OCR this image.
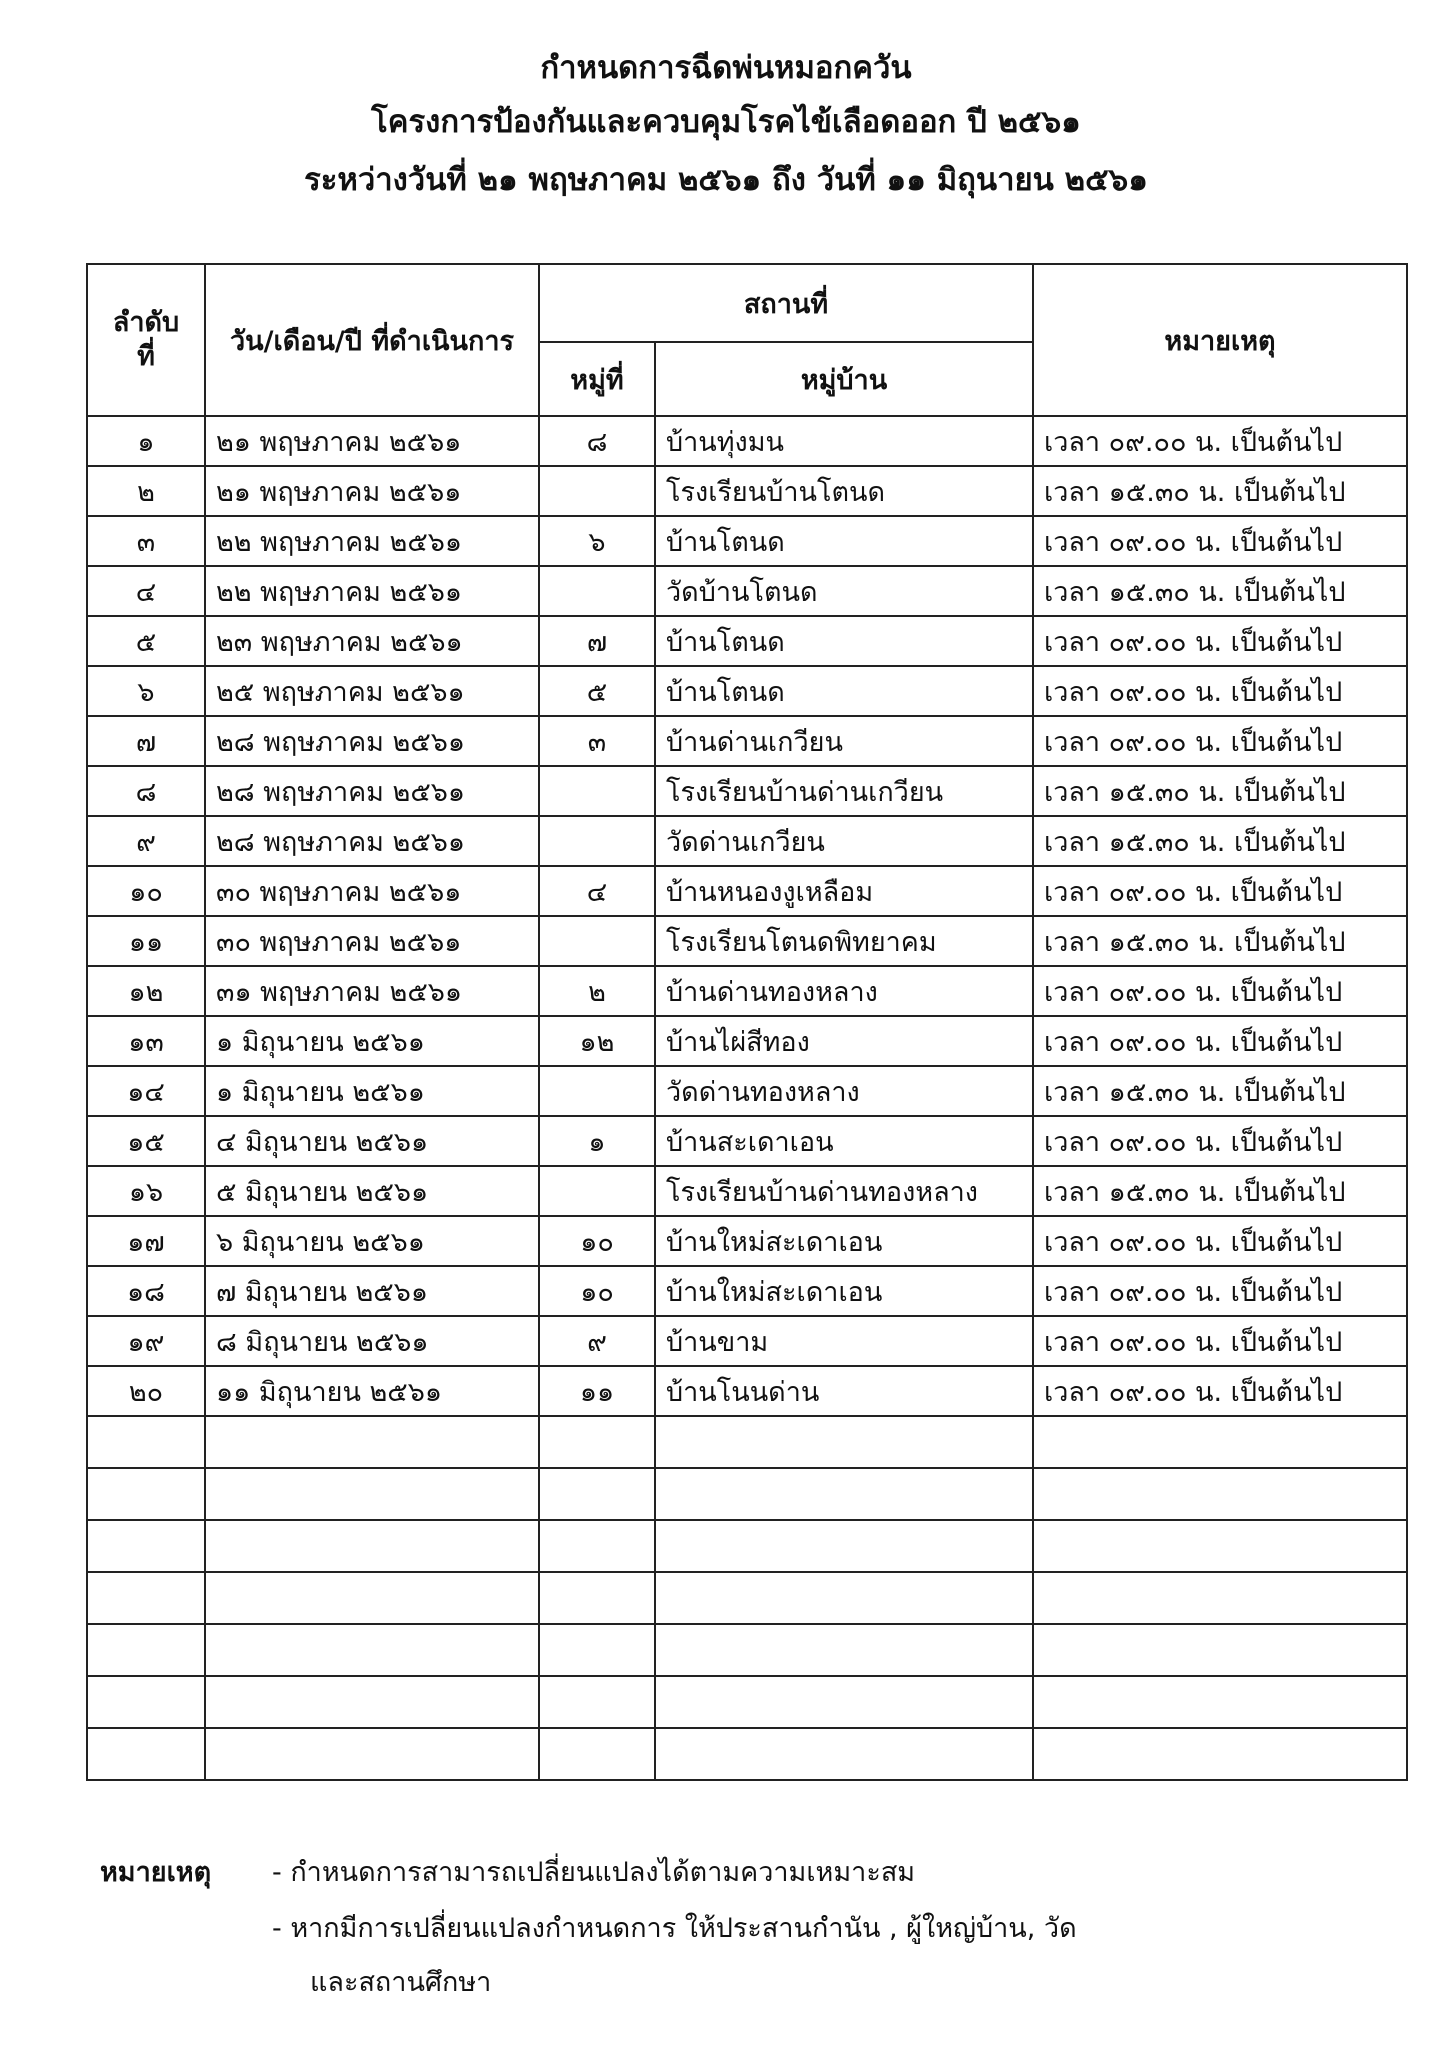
กำหนดการฉีดพ่นหมอกควัน
โครงการป้องกันและควบคุมโรคไข้เลือดออก ปี ๒๕๖๑
ระหว่างวันที่ ๒๑ พฤษภาคม ๒๕๖๑ ถึง วันที่ ๑๑ มิถุนายน ๒๕๖๑
ลำดับ ที่	วัน/เดือน/ปี ที่ดำเนินการ	สถานที่		หมายเหตุ
		หมู่ที่	หมู่บ้าน	
๑	๒๑ พฤษภาคม ๒๕๖๑	๘	บ้านทุ่งมน	เวลา ๐๙.๐๐ น. เป็นต้นไป
๒	๒๑ พฤษภาคม ๒๕๖๑		โรงเรียนบ้านโตนด	เวลา ๑๕.๓๐ น. เป็นต้นไป
๓	๒๒ พฤษภาคม ๒๕๖๑	๖	บ้านโตนด	เวลา ๐๙.๐๐ น. เป็นต้นไป
๔	๒๒ พฤษภาคม ๒๕๖๑		วัดบ้านโตนด	เวลา ๑๕.๓๐ น. เป็นต้นไป
๕	๒๓ พฤษภาคม ๒๕๖๑	๗	บ้านโตนด	เวลา ๐๙.๐๐ น. เป็นต้นไป
๖	๒๕ พฤษภาคม ๒๕๖๑	๕	บ้านโตนด	เวลา ๐๙.๐๐ น. เป็นต้นไป
๗	๒๘ พฤษภาคม ๒๕๖๑	๓	บ้านด่านเกวียน	เวลา ๐๙.๐๐ น. เป็นต้นไป
๘	๒๘ พฤษภาคม ๒๕๖๑		โรงเรียนบ้านด่านเกวียน	เวลา ๑๕.๓๐ น. เป็นต้นไป
๙	๒๘ พฤษภาคม ๒๕๖๑		วัดด่านเกวียน	เวลา ๑๕.๓๐ น. เป็นต้นไป
๑๐	๓๐ พฤษภาคม ๒๕๖๑	๔	บ้านหนองงูเหลือม	เวลา ๐๙.๐๐ น. เป็นต้นไป
๑๑	๓๐ พฤษภาคม ๒๕๖๑		โรงเรียนโตนดพิทยาคม	เวลา ๑๕.๓๐ น. เป็นต้นไป
๑๒	๓๑ พฤษภาคม ๒๕๖๑	๒	บ้านด่านทองหลาง	เวลา ๐๙.๐๐ น. เป็นต้นไป
๑๓	๑ มิถุนายน ๒๕๖๑	๑๒	บ้านไผ่สีทอง	เวลา ๐๙.๐๐ น. เป็นต้นไป
๑๔	๑ มิถุนายน ๒๕๖๑		วัดด่านทองหลาง	เวลา ๑๕.๓๐ น. เป็นต้นไป
๑๕	๔ มิถุนายน ๒๕๖๑	๑	บ้านสะเดาเอน	เวลา ๐๙.๐๐ น. เป็นต้นไป
๑๖	๕ มิถุนายน ๒๕๖๑		โรงเรียนบ้านด่านทองหลาง	เวลา ๑๕.๓๐ น. เป็นต้นไป
๑๗	๖ มิถุนายน ๒๕๖๑	๑๐	บ้านใหม่สะเดาเอน	เวลา ๐๙.๐๐ น. เป็นต้นไป
๑๘	๗ มิถุนายน ๒๕๖๑	๑๐	บ้านใหม่สะเดาเอน	เวลา ๐๙.๐๐ น. เป็นต้นไป
๑๙	๘ มิถุนายน ๒๕๖๑	๙	บ้านขาม	เวลา ๐๙.๐๐ น. เป็นต้นไป
๒๐	๑๑ มิถุนายน ๒๕๖๑	๑๑	บ้านโนนด่าน	เวลา ๐๙.๐๐ น. เป็นต้นไป

หมายเหตุ - กำหนดการสามารถเปลี่ยนแปลงได้ตามความเหมาะสม
- หากมีการเปลี่ยนแปลงกำหนดการ ให้ประสานกำนัน , ผู้ใหญ่บ้าน, วัด
และสถานศึกษา
